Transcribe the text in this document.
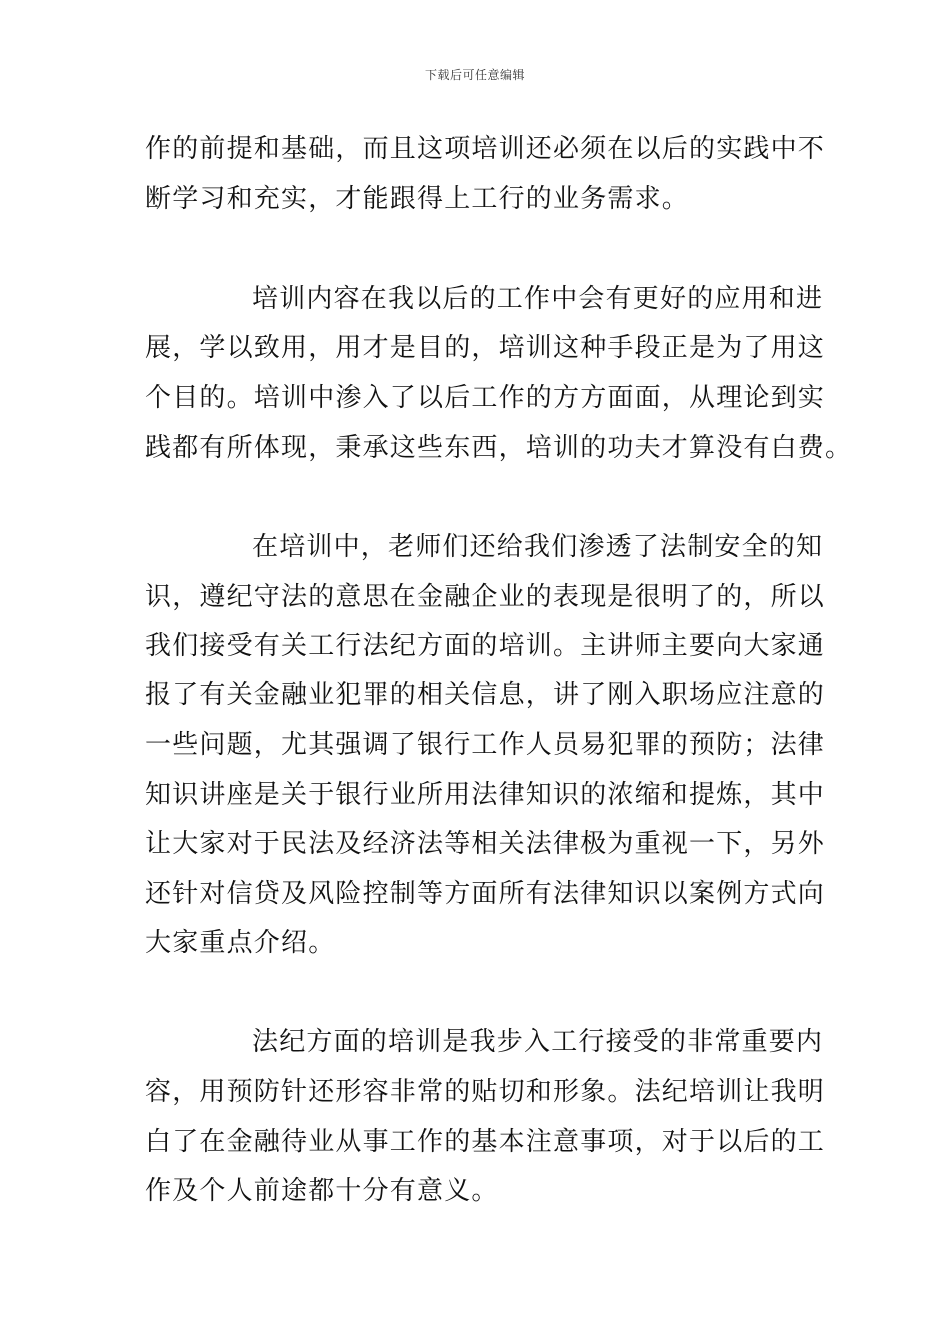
下载后可任意编辑
作的前提和基础，而且这项培训还必须在以后的实践中不
断学习和充实，才能跟得上工行的业务需求。
培训内容在我以后的工作中会有更好的应用和进
展，学以致用，用才是目的，培训这种手段正是为了用这
个目的。培训中渗入了以后工作的方方面面，从理论到实
践都有所体现，秉承这些东西，培训的功夫才算没有白费。
在培训中，老师们还给我们渗透了法制安全的知
识，遵纪守法的意思在金融企业的表现是很明了的，所以
我们接受有关工行法纪方面的培训。主讲师主要向大家通
报了有关金融业犯罪的相关信息，讲了刚入职场应注意的
一些问题，尤其强调了银行工作人员易犯罪的预防；法律
知识讲座是关于银行业所用法律知识的浓缩和提炼，其中
让大家对于民法及经济法等相关法律极为重视一下，另外
还针对信贷及风险控制等方面所有法律知识以案例方式向
大家重点介绍。
法纪方面的培训是我步入工行接受的非常重要内
容，用预防针还形容非常的贴切和形象。法纪培训让我明
白了在金融待业从事工作的基本注意事项，对于以后的工
作及个人前途都十分有意义。
